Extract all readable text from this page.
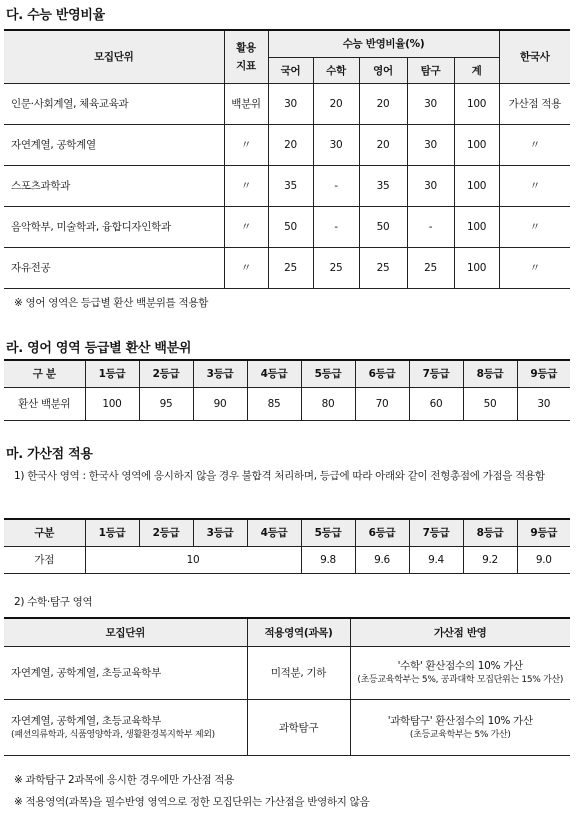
다. 수능 반영비율
모집단위	활용 지표	수능 반영비율(%)					한국사
		국어	수학	영어	탐구	계	
인문·사회계열, 체육교육과	백분위	30	20	20	30	100	가산점 적용
자연계열, 공학계열	〃	20	30	20	30	100	〃
스포츠과학과	〃	35	-	35	30	100	〃
음악학부, 미술학과, 융합디자인학과	〃	50	-	50	-	100	〃
자유전공	〃	25	25	25	25	100	〃
※ 영어 영역은 등급별 환산 백분위를 적용함
라. 영어 영역 등급별 환산 백분위
구 분	1등급	2등급	3등급	4등급	5등급	6등급	7등급	8등급	9등급
환산 백분위	100	95	90	85	80	70	60	50	30
마. 가산점 적용
1) 한국사 영역 : 한국사 영역에 응시하지 않을 경우 불합격 처리하며, 등급에 따라 아래와 같이 전형총점에 가점을 적용함
구분	1등급	2등급	3등급	4등급	5등급	6등급	7등급	8등급	9등급
가점	10				9.8	9.6	9.4	9.2	9.0
2) 수학·탐구 영역
모집단위	적용영역(과목)	가산점 반영
자연계열, 공학계열, 초등교육학부	미적분, 기하	'수학' 환산점수의 10% 가산
(초등교육학부는 5%, 공과대학 모집단위는 15% 가산)

자연계열, 공학계열, 초등교육학부
(패션의류학과, 식품영양학과, 생활환경복지학부 제외)	과학탐구	'과학탐구' 환산점수의 10% 가산
(초등교육학부는 5% 가산)
※ 과학탐구 2과목에 응시한 경우에만 가산점 적용
※ 적용영역(과목)을 필수반영 영역으로 정한 모집단위는 가산점을 반영하지 않음
